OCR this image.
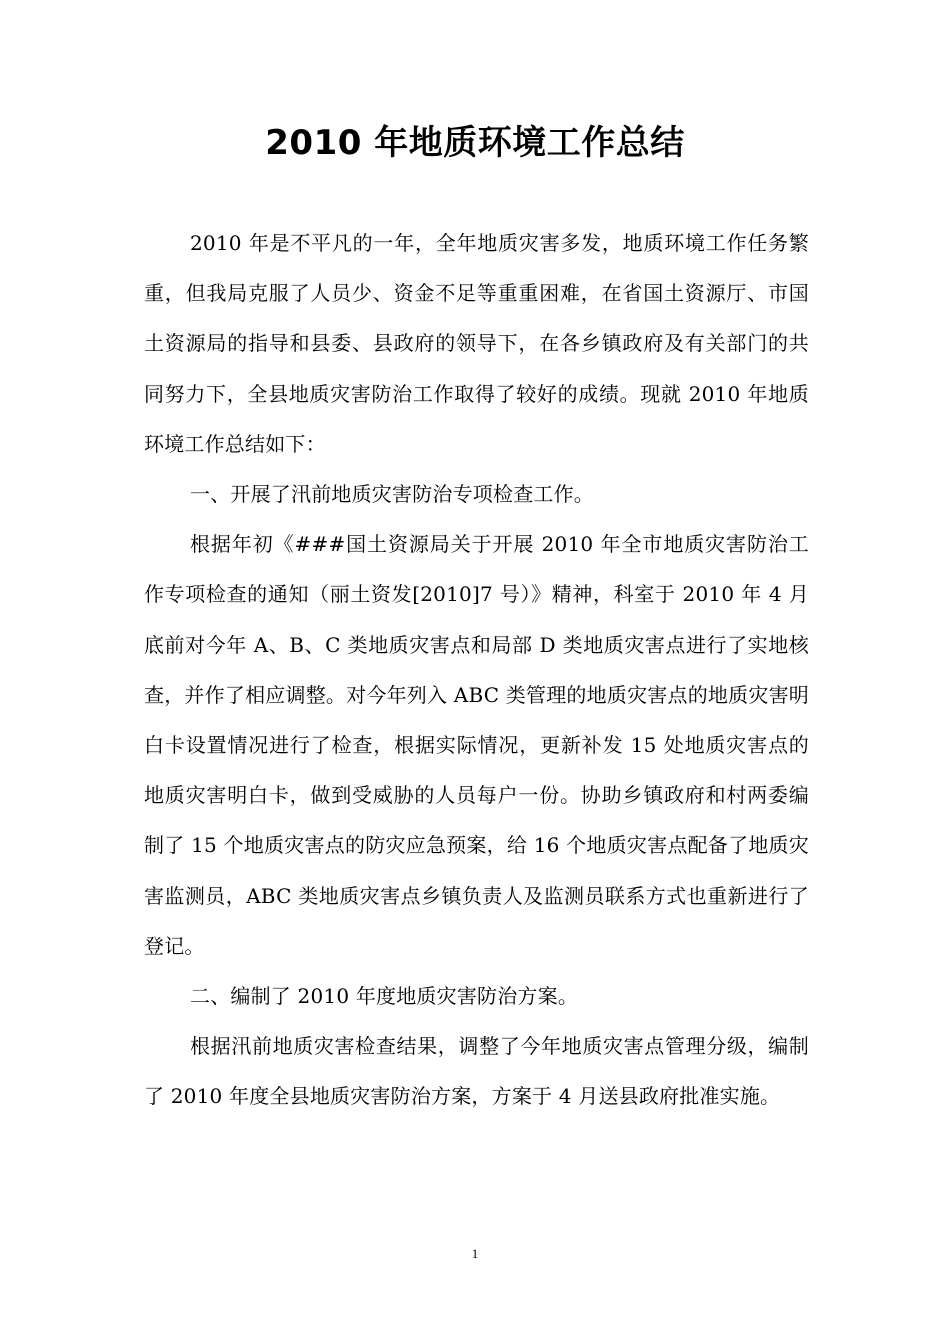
2010 年地质环境工作总结

2010 年是不平凡的一年，全年地质灾害多发，地质环境工作任务繁重，但我局克服了人员少、资金不足等重重困难，在省国土资源厅、市国土资源局的指导和县委、县政府的领导下，在各乡镇政府及有关部门的共同努力下，全县地质灾害防治工作取得了较好的成绩。现就 2010 年地质环境工作总结如下：

一、开展了汛前地质灾害防治专项检查工作。

根据年初《###国土资源局关于开展 2010 年全市地质灾害防治工作专项检查的通知（丽土资发[2010]7 号）》精神，科室于 2010 年 4 月底前对今年 A、B、C 类地质灾害点和局部 D 类地质灾害点进行了实地核查，并作了相应调整。对今年列入 ABC 类管理的地质灾害点的地质灾害明白卡设置情况进行了检查，根据实际情况，更新补发 15 处地质灾害点的地质灾害明白卡，做到受威胁的人员每户一份。协助乡镇政府和村两委编制了 15 个地质灾害点的防灾应急预案，给 16 个地质灾害点配备了地质灾害监测员，ABC 类地质灾害点乡镇负责人及监测员联系方式也重新进行了登记。

二、编制了 2010 年度地质灾害防治方案。

根据汛前地质灾害检查结果，调整了今年地质灾害点管理分级，编制了 2010 年度全县地质灾害防治方案，方案于 4 月送县政府批准实施。

1
